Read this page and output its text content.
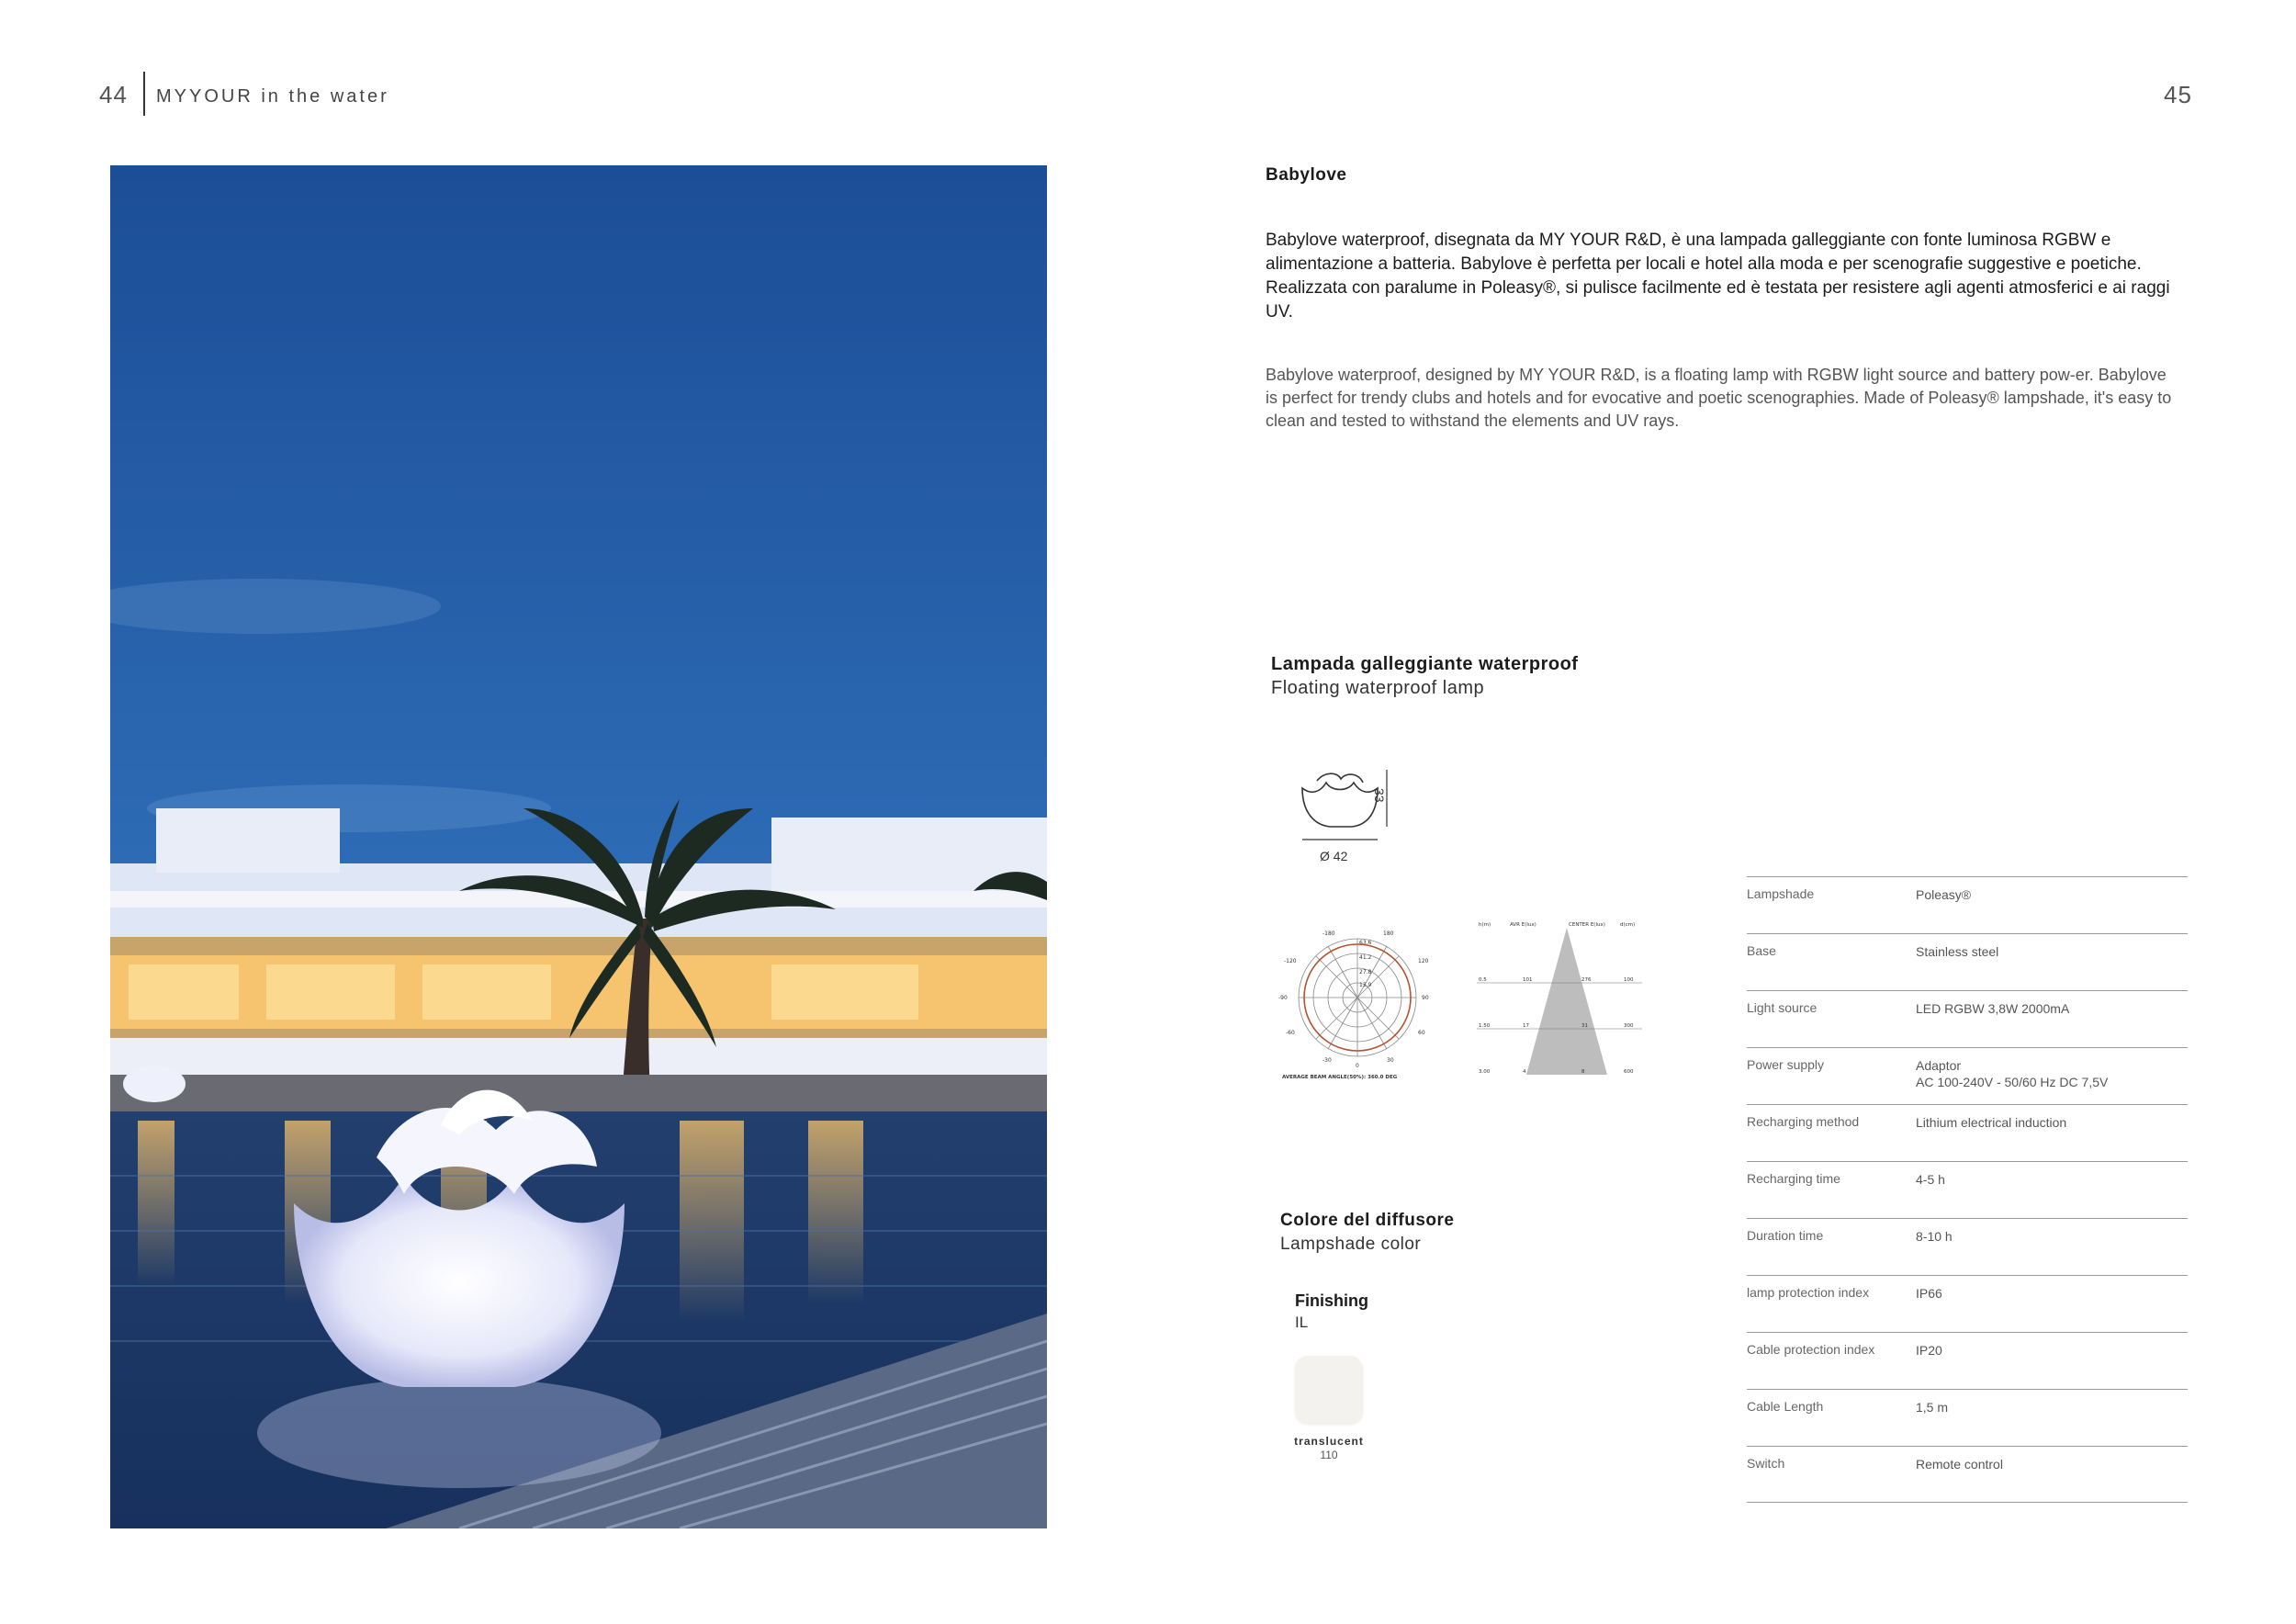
44 MYYOUR in the water	45
Babylove
Babylove waterproof, disegnata da MY YOUR R&D, è una lampada galleggiante con fonte luminosa RGBW e alimentazione a batteria. Babylove è perfetta per locali e hotel alla moda e per scenografie suggestive e poetiche. Realizzata con paralume in Poleasy®, si pulisce facilmente ed è testata per resistere agli agenti atmosferici e ai raggi UV.
Babylove waterproof, designed by MY YOUR R&D, is a floating lamp with RGBW light source and battery pow-er. Babylove is perfect for trendy clubs and hotels and for evocative and poetic scenographies. Made of Poleasy® lampshade, it's easy to clean and tested to withstand the elements and UV rays.
Lampada galleggiante waterproof
Floating waterproof lamp
33
Ø 42
-180	180
-120	120
-90	90
-60	60
-30	30
0
63.6
41.2
27.8
13.9
AVERAGE BEAM ANGLE(50%): 360.0 DEG
h(m)	AVR E(lux)	CENTER E(lux)	d(cm)
0.5	101	276	100
1.50	17	31	300
3.00	4	8	600
Colore del diffusore
Lampshade color
Finishing
IL
translucent
110
Lampshade	Poleasy®
Base	Stainless steel
Light source	LED RGBW 3,8W 2000mA
Power supply	Adaptor
AC 100-240V - 50/60 Hz DC 7,5V
Recharging method	Lithium electrical induction
Recharging time	4-5 h
Duration time	8-10 h
lamp protection index	IP66
Cable protection index	IP20
Cable Length	1,5 m
Switch	Remote control
